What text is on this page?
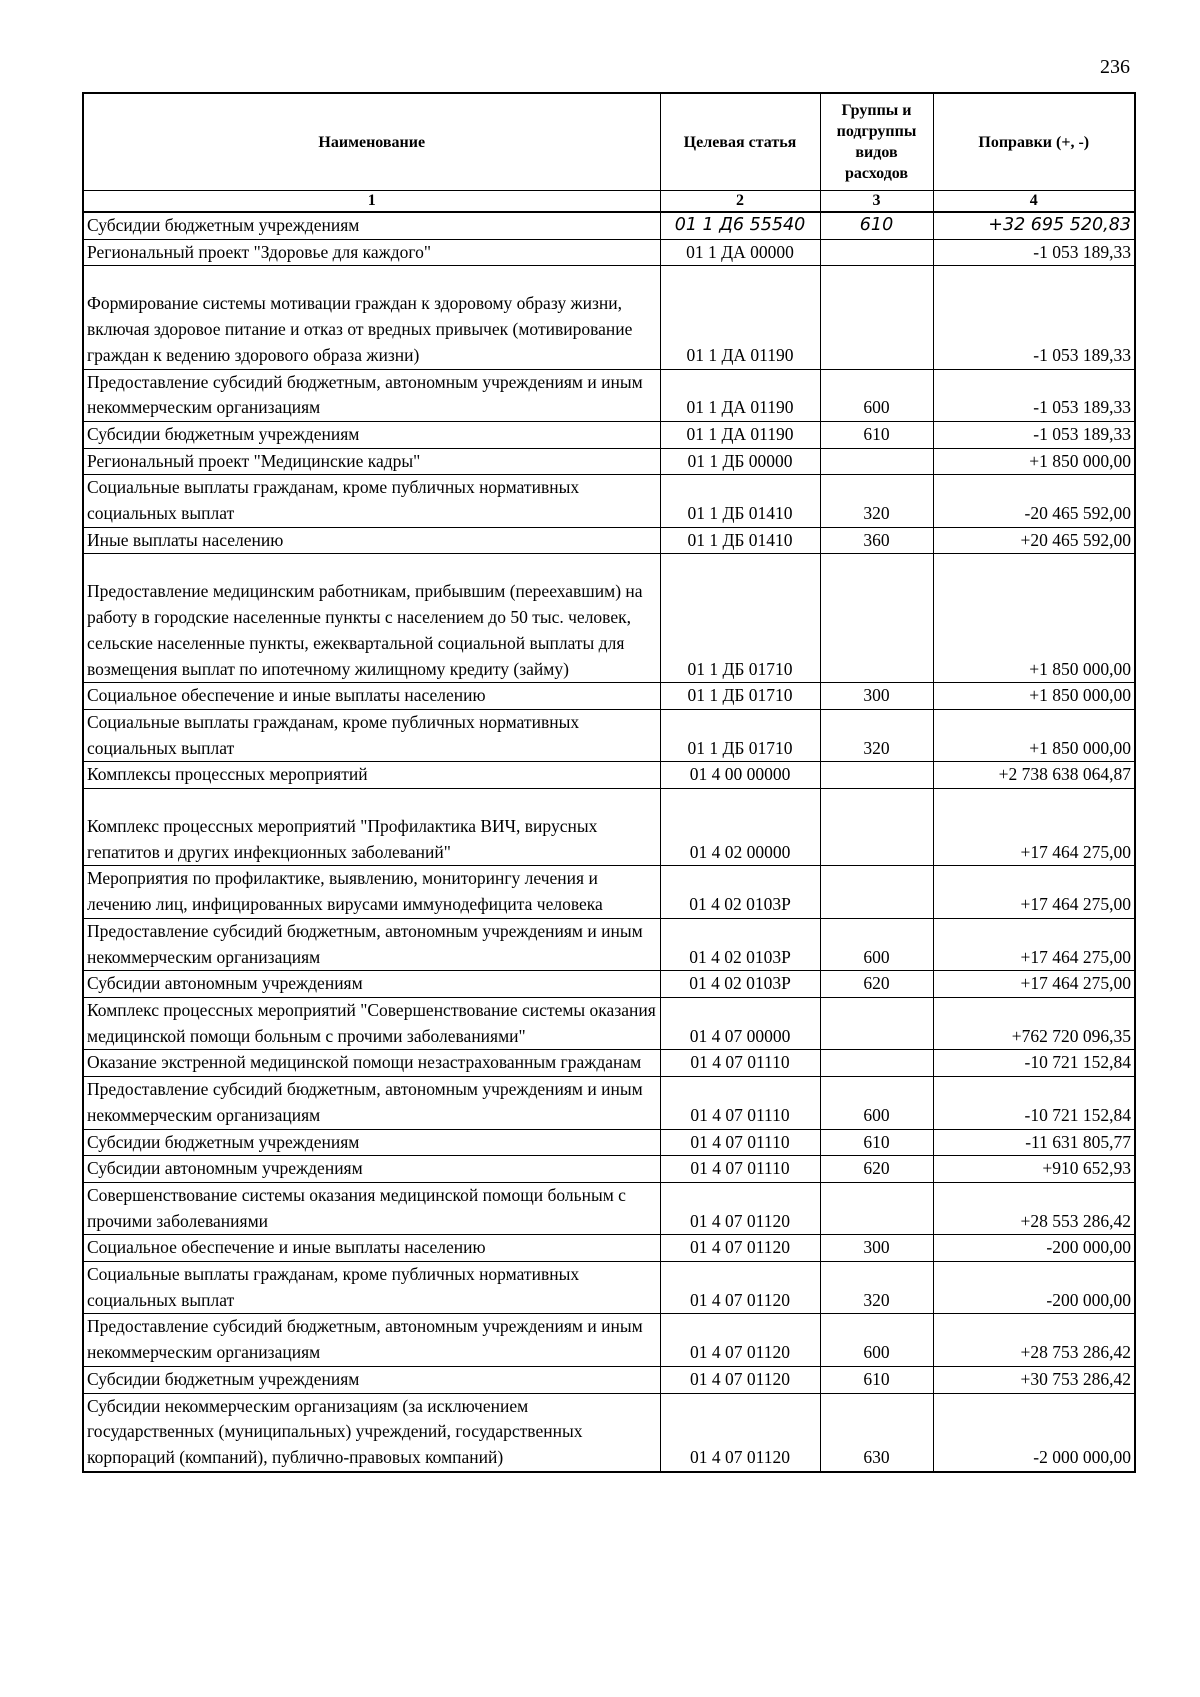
236
Наименование	Целевая статья	Группы и подгруппы видов расходов	Поправки (+, -)
1	2	3	4
Субсидии бюджетным учреждениям	01 1 Д6 55540	610	+32 695 520,83
Региональный проект "Здоровье для каждого"	01 1 ДА 00000		-1 053 189,33
Формирование системы мотивации граждан к здоровому образу жизни, включая здоровое питание и отказ от вредных привычек (мотивирование граждан к ведению здорового образа жизни)	01 1 ДА 01190		-1 053 189,33
Предоставление субсидий бюджетным, автономным учреждениям и иным некоммерческим организациям	01 1 ДА 01190	600	-1 053 189,33
Субсидии бюджетным учреждениям	01 1 ДА 01190	610	-1 053 189,33
Региональный проект "Медицинские кадры"	01 1 ДБ 00000		+1 850 000,00
Социальные выплаты гражданам, кроме публичных нормативных социальных выплат	01 1 ДБ 01410	320	-20 465 592,00
Иные выплаты населению	01 1 ДБ 01410	360	+20 465 592,00
Предоставление медицинским работникам, прибывшим (переехавшим) на работу в городские населенные пункты с населением до 50 тыс. человек, сельские населенные пункты, ежеквартальной социальной выплаты для возмещения выплат по ипотечному жилищному кредиту (займу)	01 1 ДБ 01710		+1 850 000,00
Социальное обеспечение и иные выплаты населению	01 1 ДБ 01710	300	+1 850 000,00
Социальные выплаты гражданам, кроме публичных нормативных социальных выплат	01 1 ДБ 01710	320	+1 850 000,00
Комплексы процессных мероприятий	01 4 00 00000		+2 738 638 064,87
Комплекс процессных мероприятий "Профилактика ВИЧ, вирусных гепатитов и других инфекционных заболеваний"	01 4 02 00000		+17 464 275,00
Мероприятия по профилактике, выявлению, мониторингу лечения и лечению лиц, инфицированных вирусами иммунодефицита человека	01 4 02 0103Р		+17 464 275,00
Предоставление субсидий бюджетным, автономным учреждениям и иным некоммерческим организациям	01 4 02 0103Р	600	+17 464 275,00
Субсидии автономным учреждениям	01 4 02 0103Р	620	+17 464 275,00
Комплекс процессных мероприятий "Совершенствование системы оказания медицинской помощи больным с прочими заболеваниями"	01 4 07 00000		+762 720 096,35
Оказание экстренной медицинской помощи незастрахованным гражданам	01 4 07 01110		-10 721 152,84
Предоставление субсидий бюджетным, автономным учреждениям и иным некоммерческим организациям	01 4 07 01110	600	-10 721 152,84
Субсидии бюджетным учреждениям	01 4 07 01110	610	-11 631 805,77
Субсидии автономным учреждениям	01 4 07 01110	620	+910 652,93
Совершенствование системы оказания медицинской помощи больным с прочими заболеваниями	01 4 07 01120		+28 553 286,42
Социальное обеспечение и иные выплаты населению	01 4 07 01120	300	-200 000,00
Социальные выплаты гражданам, кроме публичных нормативных социальных выплат	01 4 07 01120	320	-200 000,00
Предоставление субсидий бюджетным, автономным учреждениям и иным некоммерческим организациям	01 4 07 01120	600	+28 753 286,42
Субсидии бюджетным учреждениям	01 4 07 01120	610	+30 753 286,42
Субсидии некоммерческим организациям (за исключением государственных (муниципальных) учреждений, государственных корпораций (компаний), публично-правовых компаний)	01 4 07 01120	630	-2 000 000,00
